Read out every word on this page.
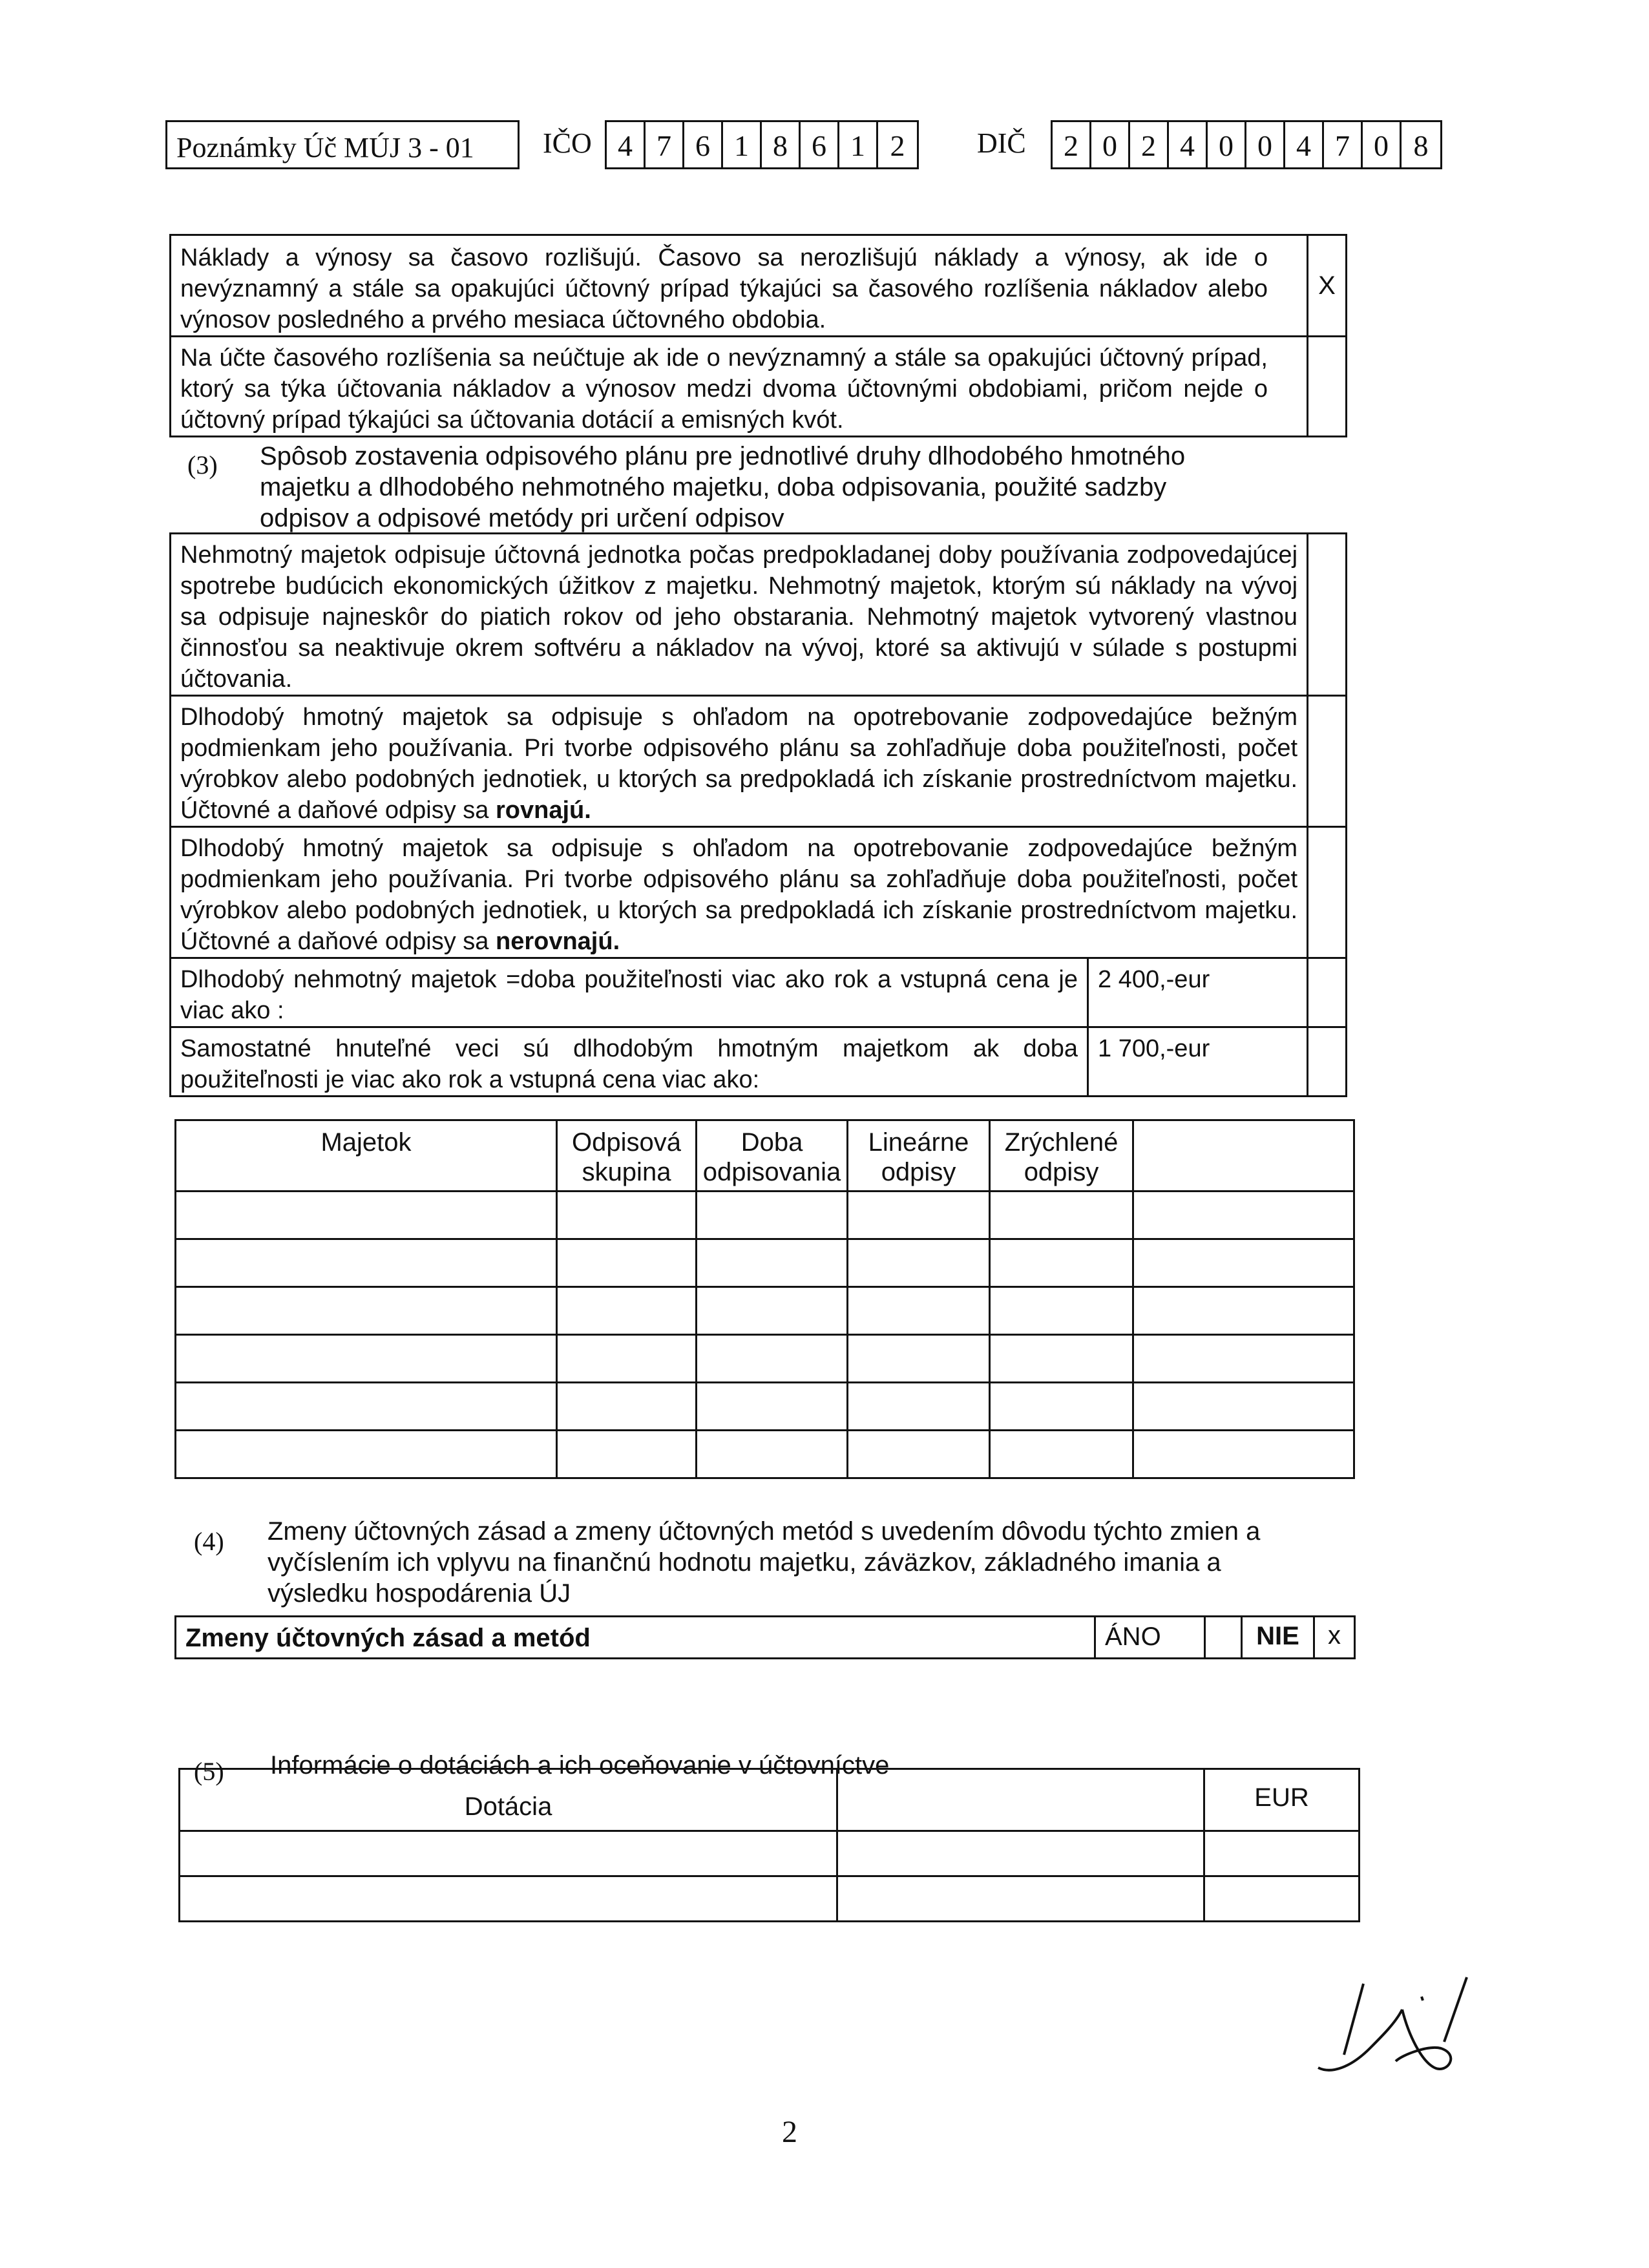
Poznámky Úč MÚJ 3 - 01	IČO 4 7 6 1 8 6 1 2	DIČ	2 0 2 4 0 0 4 7 0 8
Náklady a výnosy sa časovo rozlišujú. Časovo sa nerozlišujú náklady a výnosy, ak ide o nevýznamný a stále sa opakujúci účtovný prípad týkajúci sa časového rozlíšenia nákladov alebo výnosov posledného a prvého mesiaca účtovného obdobia.	X
Na účte časového rozlíšenia sa neúčtuje ak ide o nevýznamný a stále sa opakujúci účtovný prípad, ktorý sa týka účtovania nákladov a výnosov medzi dvoma účtovnými obdobiami, pričom nejde o účtovný prípad týkajúci sa účtovania dotácií a emisných kvót.	
(3) Spôsob zostavenia odpisového plánu pre jednotlivé druhy dlhodobého hmotného majetku a dlhodobého nehmotného majetku, doba odpisovania, použité sadzby odpisov a odpisové metódy pri určení odpisov
Nehmotný majetok odpisuje účtovná jednotka počas predpokladanej doby používania zodpovedajúcej spotrebe budúcich ekonomických úžitkov z majetku. Nehmotný majetok, ktorým sú náklady na vývoj sa odpisuje najneskôr do piatich rokov od jeho obstarania. Nehmotný majetok vytvorený vlastnou činnosťou sa neaktivuje okrem softvéru a nákladov na vývoj, ktoré sa aktivujú v súlade s postupmi účtovania.		
Dlhodobý hmotný majetok sa odpisuje s ohľadom na opotrebovanie zodpovedajúce bežným podmienkam jeho používania. Pri tvorbe odpisového plánu sa zohľadňuje doba použiteľnosti, počet výrobkov alebo podobných jednotiek, u ktorých sa predpokladá ich získanie prostredníctvom majetku. Účtovné a daňové odpisy sa rovnajú.		
Dlhodobý hmotný majetok sa odpisuje s ohľadom na opotrebovanie zodpovedajúce bežným podmienkam jeho používania. Pri tvorbe odpisového plánu sa zohľadňuje doba použiteľnosti, počet výrobkov alebo podobných jednotiek, u ktorých sa predpokladá ich získanie prostredníctvom majetku. Účtovné a daňové odpisy sa nerovnajú.		
Dlhodobý nehmotný majetok =doba použiteľnosti viac ako rok a vstupná cena je viac ako :	2 400,-eur	
Samostatné hnuteľné veci sú dlhodobým hmotným majetkom ak doba použiteľnosti je viac ako rok a vstupná cena viac ako:	1 700,-eur	
Majetok	Odpisová skupina	Doba odpisovania	Lineárne odpisy	Zrýchlené odpisy	

(4) Zmeny účtovných zásad a zmeny účtovných metód s uvedením dôvodu týchto zmien a vyčíslením ich vplyvu na finančnú hodnotu majetku, záväzkov, základného imania a výsledku hospodárenia ÚJ
Zmeny účtovných zásad a metód	ÁNO	NIE	x
(5) Informácie o dotáciách a ich oceňovanie v účtovníctve
Dotácia		EUR

2
